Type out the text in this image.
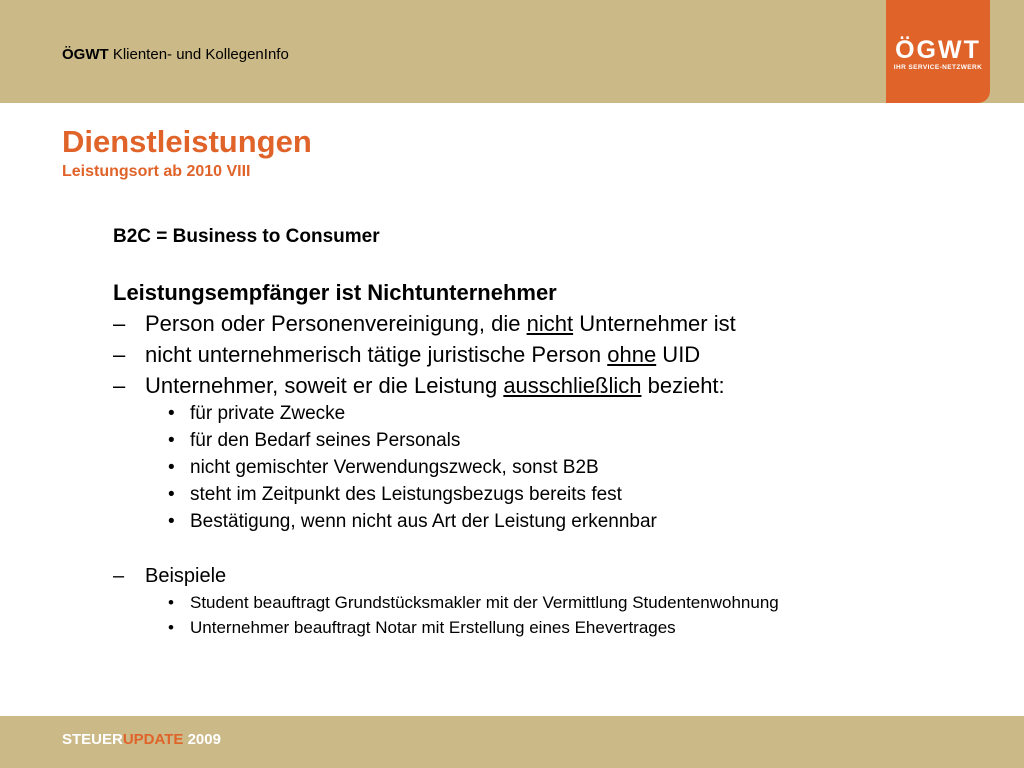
ÖGWT Klienten- und KollegenInfo	ÖGWT
IHR SERVICE-NETZWERK
Dienstleistungen
Leistungsort ab 2010 VIII
B2C = Business to Consumer
Leistungsempfänger ist Nichtunternehmer
– Person oder Personenvereinigung, die nicht Unternehmer ist
– nicht unternehmerisch tätige juristische Person ohne UID
– Unternehmer, soweit er die Leistung ausschließlich bezieht:
• für private Zwecke
• für den Bedarf seines Personals
• nicht gemischter Verwendungszweck, sonst B2B
• steht im Zeitpunkt des Leistungsbezugs bereits fest
• Bestätigung, wenn nicht aus Art der Leistung erkennbar
– Beispiele
• Student beauftragt Grundstücksmakler mit der Vermittlung Studentenwohnung
• Unternehmer beauftragt Notar mit Erstellung eines Ehevertrages
STEUERUPDATE 2009
